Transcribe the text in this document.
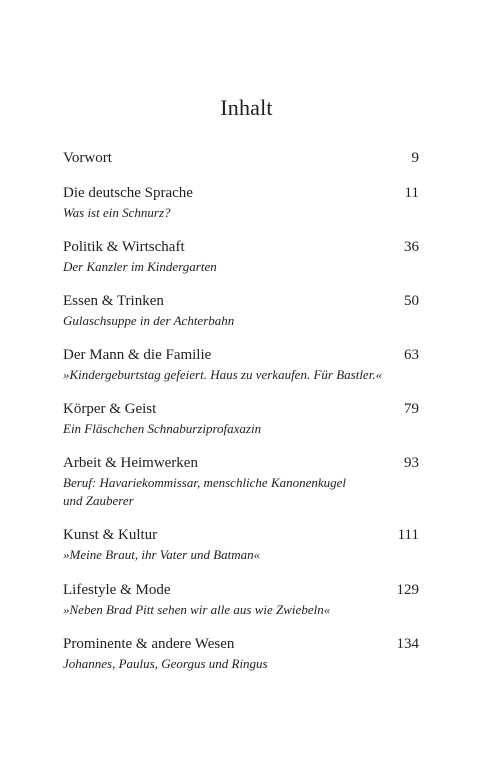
Inhalt
Vorwort	9
Die deutsche Sprache	11
Was ist ein Schnurz?
Politik & Wirtschaft	36
Der Kanzler im Kindergarten
Essen & Trinken	50
Gulaschsuppe in der Achterbahn
Der Mann & die Familie	63
»Kindergeburtstag gefeiert. Haus zu verkaufen. Für Bastler.«
Körper & Geist	79
Ein Fläschchen Schnaburziprofaxazin
Arbeit & Heimwerken	93
Beruf: Havariekommissar, menschliche Kanonenkugel und Zauberer
Kunst & Kultur	111
»Meine Braut, ihr Vater und Batman«
Lifestyle & Mode	129
»Neben Brad Pitt sehen wir alle aus wie Zwiebeln«
Prominente & andere Wesen	134
Johannes, Paulus, Georgus und Ringus
